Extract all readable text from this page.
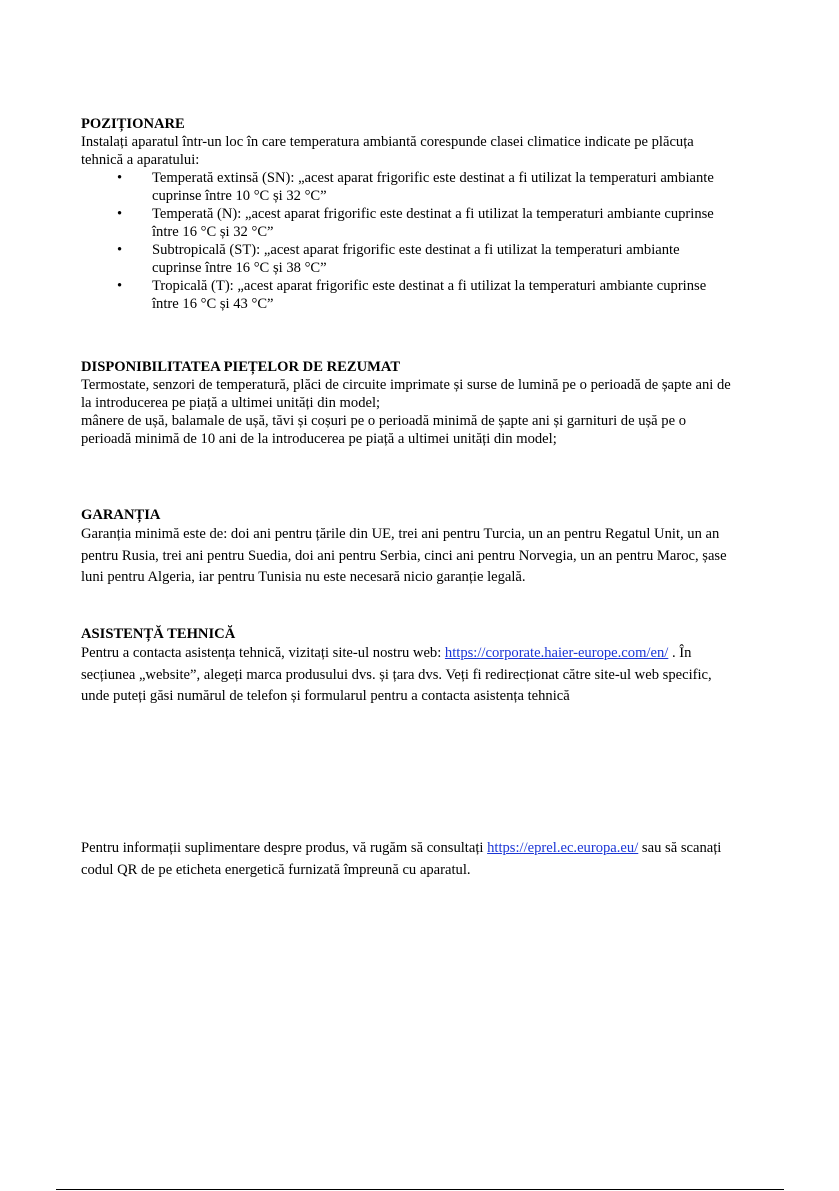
POZIȚIONARE

Instalați aparatul într-un loc în care temperatura ambiantă corespunde clasei climatice indicate pe plăcuța tehnică a aparatului:

• Temperată extinsă (SN): „acest aparat frigorific este destinat a fi utilizat la temperaturi ambiante cuprinse între 10 °C și 32 °C”
• Temperată (N): „acest aparat frigorific este destinat a fi utilizat la temperaturi ambiante cuprinse între 16 °C și 32 °C”
• Subtropicală (ST): „acest aparat frigorific este destinat a fi utilizat la temperaturi ambiante cuprinse între 16 °C și 38 °C”
• Tropicală (T): „acest aparat frigorific este destinat a fi utilizat la temperaturi ambiante cuprinse între 16 °C și 43 °C”
DISPONIBILITATEA PIEȚELOR DE REZUMAT

Termostate, senzori de temperatură, plăci de circuite imprimate și surse de lumină pe o perioadă de șapte ani de la introducerea pe piață a ultimei unități din model;

mânere de ușă, balamale de ușă, tăvi și coșuri pe o perioadă minimă de șapte ani și garnituri de ușă pe o perioadă minimă de 10 ani de la introducerea pe piață a ultimei unități din model;

GARANȚIA

Garanția minimă este de: doi ani pentru țările din UE, trei ani pentru Turcia, un an pentru Regatul Unit, un an pentru Rusia, trei ani pentru Suedia, doi ani pentru Serbia, cinci ani pentru Norvegia, un an pentru Maroc, șase luni pentru Algeria, iar pentru Tunisia nu este necesară nicio garanție legală.

ASISTENȚĂ TEHNICĂ

Pentru a contacta asistența tehnică, vizitați site-ul nostru web: https://corporate.haier-europe.com/en/ . În secțiunea „website”, alegeți marca produsului dvs. și țara dvs. Veți fi redirecționat către site-ul web specific, unde puteți găsi numărul de telefon și formularul pentru a contacta asistența tehnică

Pentru informații suplimentare despre produs, vă rugăm să consultați https://eprel.ec.europa.eu/ sau să scanați codul QR de pe eticheta energetică furnizată împreună cu aparatul.
